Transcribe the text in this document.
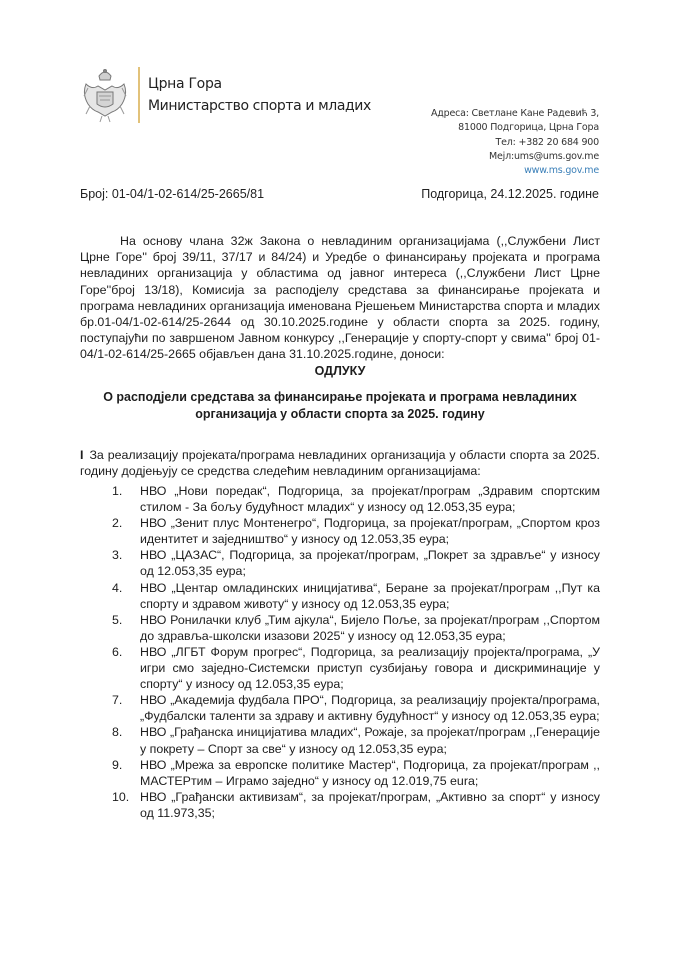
Црна Гора
Министарство спорта и младих	Адреса: Светлане Кане Радевић 3,
81000 Подгорица, Црна Гора
Тел: +382 20 684 900
Мејл:ums@ums.gov.me
www.ms.gov.me
Број: 01-04/1-02-614/25-2665/81	Подгорица, 24.12.2025. године
На основу члана 32ж Закона о невладиним организацијама (,,Службени Лист Црне Горе'' број 39/11, 37/17 и 84/24) и Уредбе о финансирању пројеката и програма невладиних организација у областима од јавног интереса (,,Службени Лист Црне Горе''број 13/18), Комисија за расподјелу средстава за финансирање пројеката и програма невладиних организација именована Рјешењем Министарства спорта и младих бр.01-04/1-02-614/25-2644 од 30.10.2025.године у области спорта за 2025. годину, поступајући по завршеном Јавном конкурсу ,,Генерације у спорту-спорт у свима'' број 01-04/1-02-614/25-2665 објављен дана 31.10.2025.године, доноси:
ОДЛУКУ
О расподјели средстава за финансирање пројеката и програма невладиних организација у области спорта за 2025. годину
I За реализацију пројеката/програма невладиних организација у области спорта за 2025. годину додјењују се средства следећим невладиним организацијама:
1.	НВО „Нови поредак“, Подгорица, за пројекат/програм „Здравим спортским стилом - За бољу будућност младих“ у износу од 12.053,35 еура;
2.	НВО „Зенит плус Монтенегро“, Подгорица, за пројекат/програм, „Спортом кроз идентитет и заједништво“ у износу од 12.053,35 еура;
3.	НВО „ЦАЗАС“, Подгорица, за пројекат/програм, „Покрет за здравље“ у износу од 12.053,35 еура;
4.	НВО „Центар омладинских иницијатива“, Беране за пројекат/програм ,,Пут ка спорту и здравом животу“ у износу од 12.053,35 еура;
5.	НВО Ронилачки клуб „Тим ајкула“, Бијело Поље, за пројекат/програм ,,Спортом до здравља-школски изазови 2025“ у износу од 12.053,35 еура;
6.	НВО „ЛГБТ Форум прогрес“, Подгорица, за реализацију пројекта/програма, „У игри смо заједно-Системски приступ сузбијању говора и дискриминације у спорту“ у износу од 12.053,35 еура;
7.	НВО „Академија фудбала ПРО“, Подгорица, за реализацију пројекта/програма, „Фудбалски таленти за здраву и активну будућност“ у износу од 12.053,35 еура;
8.	НВО „Грађанска иницијатива младих“, Рожаје, за пројекат/програм ,,Генерације у покрету – Спорт за све“ у износу од 12.053,35 еура;
9.	НВО „Мрежа за европске политике Мастер“, Подгорица, zа пројекат/програм ,, МАСТЕРтим – Играмо заједно“ у износу од 12.019,75 eura;
10. НВО „Грађански активизам“, за пројекат/програм, „Активно за спорт“ у износу од 11.973,35;
